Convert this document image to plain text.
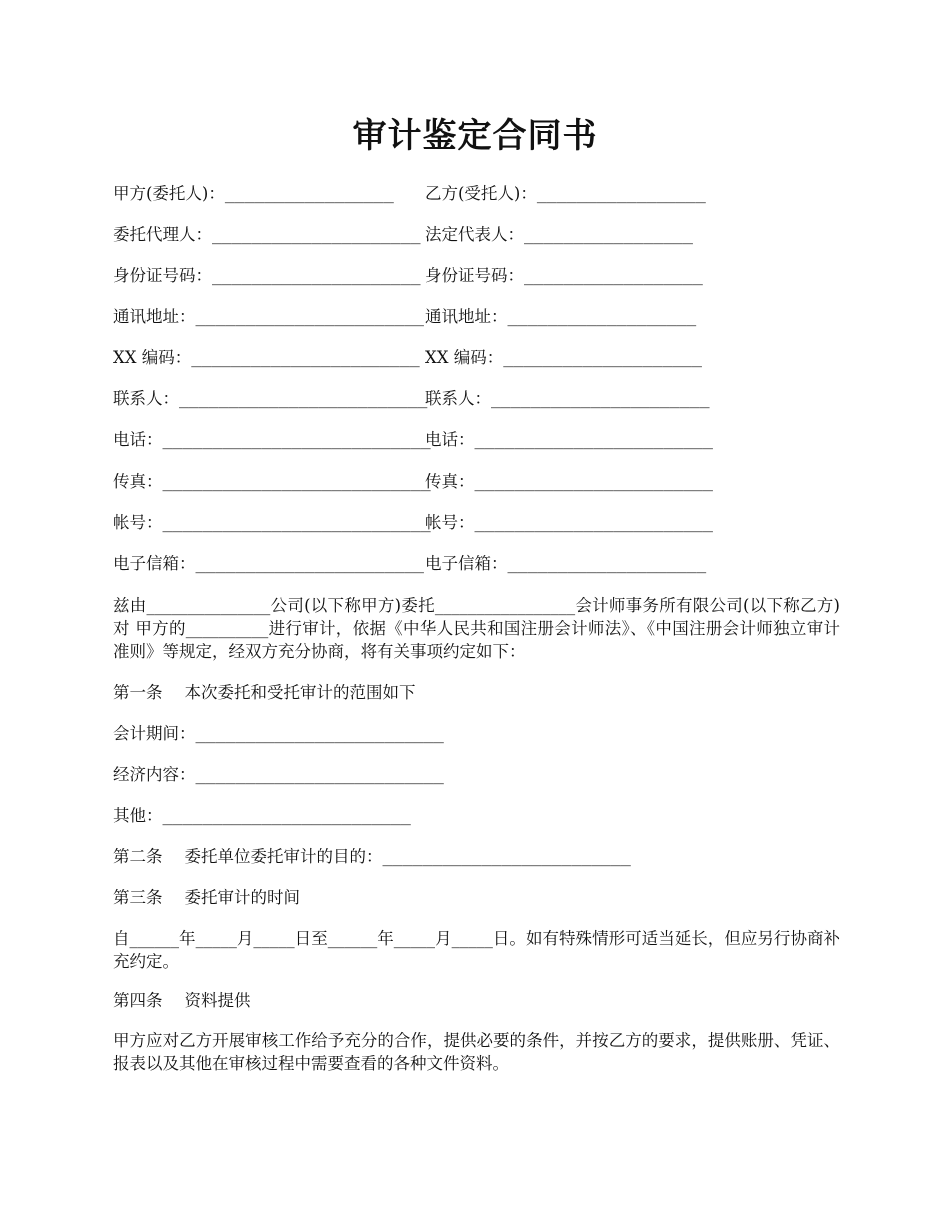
审计鉴定合同书
甲方(委托人)：_________________ 乙方(受托人)：_________________
委托代理人：_____________________ 法定代表人：_________________
身份证号码：_____________________ 身份证号码：__________________
通讯地址：_______________________ 通讯地址：___________________
XX 编码：_______________________ XX 编码：____________________
联系人：_________________________
联系人：______________________
电话：___________________________
电话：________________________
传真：___________________________
传真：________________________
帐号：___________________________
帐号：________________________
电子信箱：_______________________ 电子信箱：____________________
兹由_______________公司(以下称甲方)委托_________________会计师事务所有限公司(以下称乙方)对 甲方的__________进行审计，依据《中华人民共和国注册会计师法》、《中国注册会计师独立审计准则》等规定，经双方充分协商，将有关事项约定如下：
第一条 本次委托和受托审计的范围如下
会计期间：_________________________
经济内容：_________________________
其他：_________________________
第二条 委托单位委托审计的目的：_________________________
第三条 委托审计的时间
自______年_____月_____日至______年_____月_____日。如有特殊情形可适当延长，但应另行协商补充约定。
第四条 资料提供
甲方应对乙方开展审核工作给予充分的合作，提供必要的条件，并按乙方的要求，提供账册、凭证、报表以及其他在审核过程中需要查看的各种文件资料。
